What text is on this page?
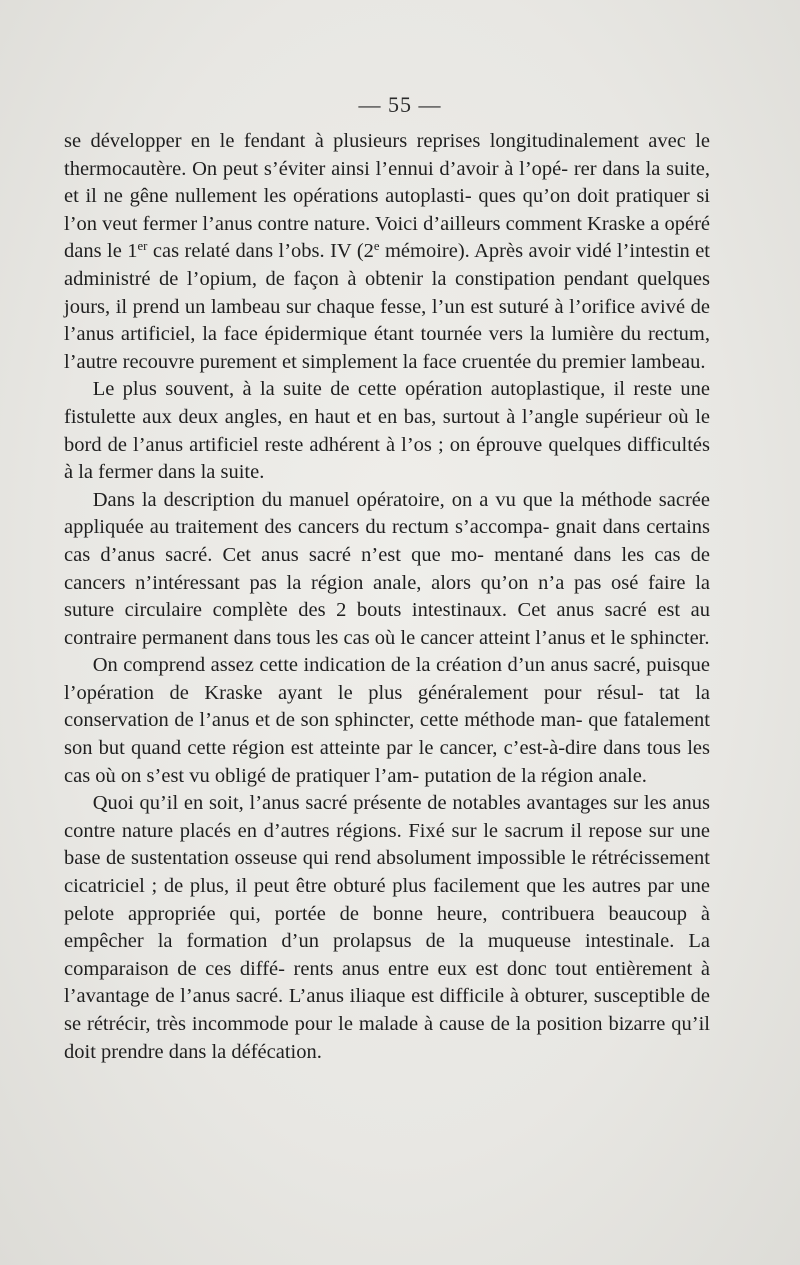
— 55 —

se développer en le fendant à plusieurs reprises longitudinalement avec le thermocautère. On peut s’éviter ainsi l’ennui d’avoir à l’opé- rer dans la suite, et il ne gêne nullement les opérations autoplasti- ques qu’on doit pratiquer si l’on veut fermer l’anus contre nature. Voici d’ailleurs comment Kraske a opéré dans le 1er cas relaté dans l’obs. IV (2e mémoire). Après avoir vidé l’intestin et administré de l’opium, de façon à obtenir la constipation pendant quelques jours, il prend un lambeau sur chaque fesse, l’un est suturé à l’orifice avivé de l’anus artificiel, la face épidermique étant tournée vers la lumière du rectum, l’autre recouvre purement et simplement la face cruentée du premier lambeau.

Le plus souvent, à la suite de cette opération autoplastique, il reste une fistulette aux deux angles, en haut et en bas, surtout à l’angle supérieur où le bord de l’anus artificiel reste adhérent à l’os ; on éprouve quelques difficultés à la fermer dans la suite.

Dans la description du manuel opératoire, on a vu que la méthode sacrée appliquée au traitement des cancers du rectum s’accompa- gnait dans certains cas d’anus sacré. Cet anus sacré n’est que mo- mentané dans les cas de cancers n’intéressant pas la région anale, alors qu’on n’a pas osé faire la suture circulaire complète des 2 bouts intestinaux. Cet anus sacré est au contraire permanent dans tous les cas où le cancer atteint l’anus et le sphincter.

On comprend assez cette indication de la création d’un anus sacré, puisque l’opération de Kraske ayant le plus généralement pour résul- tat la conservation de l’anus et de son sphincter, cette méthode man- que fatalement son but quand cette région est atteinte par le cancer, c’est-à-dire dans tous les cas où on s’est vu obligé de pratiquer l’am- putation de la région anale.

Quoi qu’il en soit, l’anus sacré présente de notables avantages sur les anus contre nature placés en d’autres régions. Fixé sur le sacrum il repose sur une base de sustentation osseuse qui rend absolument impossible le rétrécissement cicatriciel ; de plus, il peut être obturé plus facilement que les autres par une pelote appropriée qui, portée de bonne heure, contribuera beaucoup à empêcher la formation d’un prolapsus de la muqueuse intestinale. La comparaison de ces diffé- rents anus entre eux est donc tout entièrement à l’avantage de l’anus sacré. L’anus iliaque est difficile à obturer, susceptible de se rétrécir, très incommode pour le malade à cause de la position bizarre qu’il doit prendre dans la défécation.
